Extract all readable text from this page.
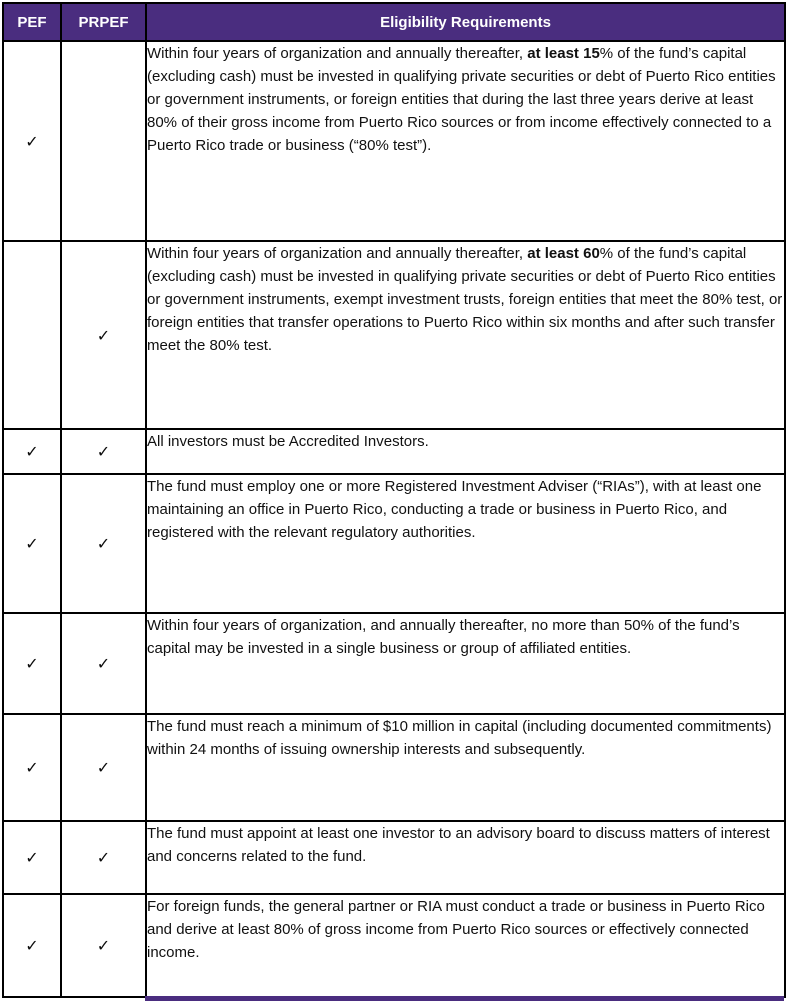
PEF	PRPEF	Eligibility Requirements
✓		Within four years of organization and annually thereafter, at least 15% of the fund’s capital (excluding cash) must be invested in qualifying private securities or debt of Puerto Rico entities or government instruments, or foreign entities that during the last three years derive at least 80% of their gross income from Puerto Rico sources or from income effectively connected to a Puerto Rico trade or business (“80% test”).
	✓	Within four years of organization and annually thereafter, at least 60% of the fund’s capital (excluding cash) must be invested in qualifying private securities or debt of Puerto Rico entities or government instruments, exempt investment trusts, foreign entities that meet the 80% test, or foreign entities that transfer operations to Puerto Rico within six months and after such transfer meet the 80% test.
✓	✓	All investors must be Accredited Investors.
✓	✓	The fund must employ one or more Registered Investment Adviser (“RIAs”), with at least one maintaining an office in Puerto Rico, conducting a trade or business in Puerto Rico, and registered with the relevant regulatory authorities.
✓	✓	Within four years of organization, and annually thereafter, no more than 50% of the fund’s capital may be invested in a single business or group of affiliated entities.
✓	✓	The fund must reach a minimum of $10 million in capital (including documented commitments) within 24 months of issuing ownership interests and subsequently.
✓	✓	The fund must appoint at least one investor to an advisory board to discuss matters of interest and concerns related to the fund.
✓	✓	For foreign funds, the general partner or RIA must conduct a trade or business in Puerto Rico and derive at least 80% of gross income from Puerto Rico sources or effectively connected income.
